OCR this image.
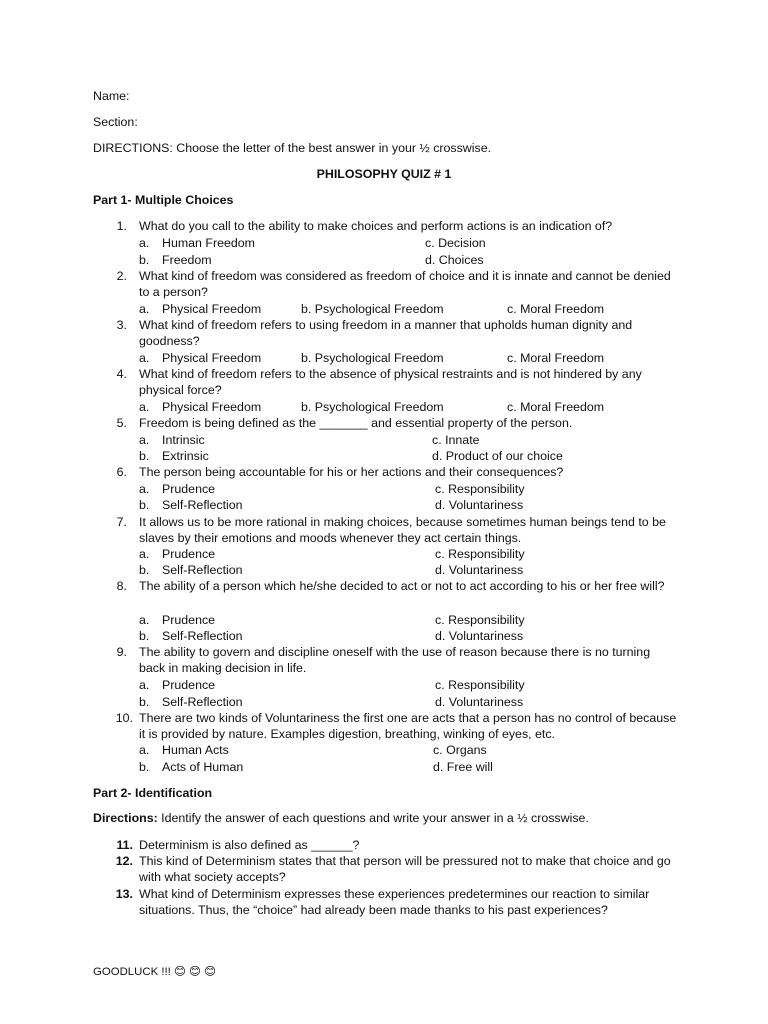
Name:
Section:
DIRECTIONS: Choose the letter of the best answer in your ½ crosswise.
PHILOSOPHY QUIZ # 1
Part 1- Multiple Choices
1. What do you call to the ability to make choices and perform actions is an indication of?
a. Human Freedom	c. Decision
b. Freedom	d. Choices
2. What kind of freedom was considered as freedom of choice and it is innate and cannot be denied to a person?
a. Physical Freedom	b. Psychological Freedom	c. Moral Freedom
3. What kind of freedom refers to using freedom in a manner that upholds human dignity and goodness?
a. Physical Freedom	b. Psychological Freedom	c. Moral Freedom
4. What kind of freedom refers to the absence of physical restraints and is not hindered by any physical force?
a. Physical Freedom	b. Psychological Freedom	c. Moral Freedom
5. Freedom is being defined as the _______ and essential property of the person.
a. Intrinsic	c. Innate
b. Extrinsic	d. Product of our choice
6. The person being accountable for his or her actions and their consequences?
a. Prudence	c. Responsibility
b. Self-Reflection	d. Voluntariness
7. It allows us to be more rational in making choices, because sometimes human beings tend to be slaves by their emotions and moods whenever they act certain things.
a. Prudence	c. Responsibility
b. Self-Reflection	d. Voluntariness
8. The ability of a person which he/she decided to act or not to act according to his or her free will?
a. Prudence	c. Responsibility
b. Self-Reflection	d. Voluntariness
9. The ability to govern and discipline oneself with the use of reason because there is no turning back in making decision in life.
a. Prudence	c. Responsibility
b. Self-Reflection	d. Voluntariness
10. There are two kinds of Voluntariness the first one are acts that a person has no control of because it is provided by nature. Examples digestion, breathing, winking of eyes, etc.
a. Human Acts	c. Organs
b. Acts of Human	d. Free will
Part 2- Identification
Directions: Identify the answer of each questions and write your answer in a ½ crosswise.
11. Determinism is also defined as ______?
12. This kind of Determinism states that that person will be pressured not to make that choice and go with what society accepts?
13. What kind of Determinism expresses these experiences predetermines our reaction to similar situations. Thus, the “choice” had already been made thanks to his past experiences?
GOODLUCK !!! 😊 😊 😊
